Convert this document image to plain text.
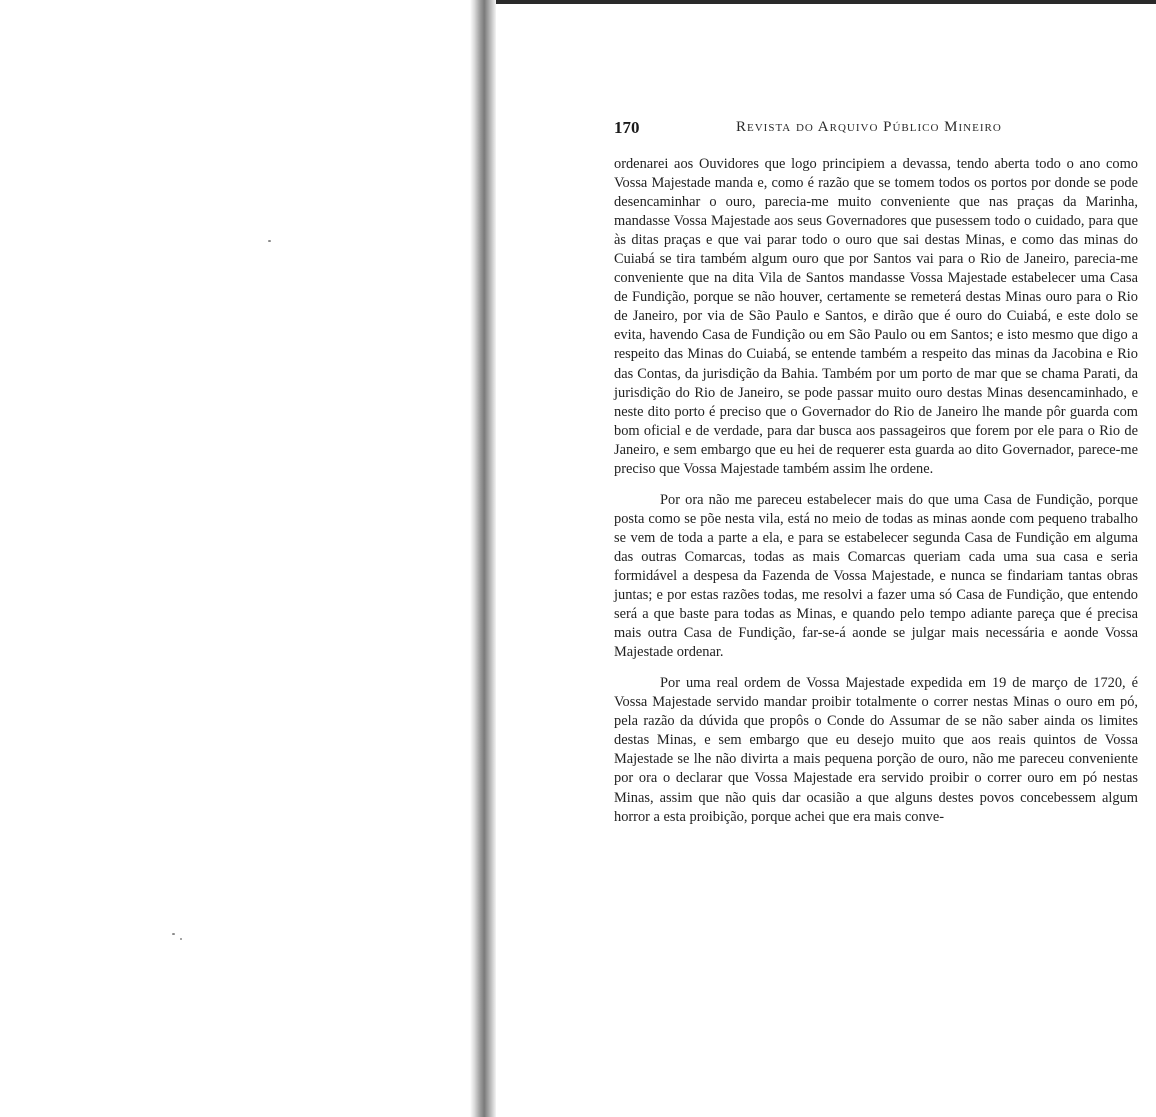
170	Revista do Arquivo Público Mineiro

ordenarei aos Ouvidores que logo principiem a devassa, tendo aberta todo o ano como Vossa Majestade manda e, como é razão que se tomem todos os portos por donde se pode desencaminhar o ouro, parecia-me muito conveniente que nas praças da Marinha, mandasse Vossa Majestade aos seus Governadores que pusessem todo o cuidado, para que às ditas praças e que vai parar todo o ouro que sai destas Minas, e como das minas do Cuiabá se tira também algum ouro que por Santos vai para o Rio de Janeiro, parecia-me conveniente que na dita Vila de Santos mandasse Vossa Majestade estabelecer uma Casa de Fundição, porque se não houver, certamente se remeterá destas Minas ouro para o Rio de Janeiro, por via de São Paulo e Santos, e dirão que é ouro do Cuiabá, e este dolo se evita, havendo Casa de Fundição ou em São Paulo ou em Santos; e isto mesmo que digo a respeito das Minas do Cuiabá, se entende também a respeito das minas da Jacobina e Rio das Contas, da jurisdição da Bahia. Também por um porto de mar que se chama Parati, da jurisdição do Rio de Janeiro, se pode passar muito ouro destas Minas desencaminhado, e neste dito porto é preciso que o Governador do Rio de Janeiro lhe mande pôr guarda com bom oficial e de verdade, para dar busca aos passageiros que forem por ele para o Rio de Janeiro, e sem embargo que eu hei de requerer esta guarda ao dito Governador, parece-me preciso que Vossa Majestade também assim lhe ordene.

Por ora não me pareceu estabelecer mais do que uma Casa de Fundição, porque posta como se põe nesta vila, está no meio de todas as minas aonde com pequeno trabalho se vem de toda a parte a ela, e para se estabelecer segunda Casa de Fundição em alguma das outras Comarcas, todas as mais Comarcas queriam cada uma sua casa e seria formidável a despesa da Fazenda de Vossa Majestade, e nunca se findariam tantas obras juntas; e por estas razões todas, me resolvi a fazer uma só Casa de Fundição, que entendo será a que baste para todas as Minas, e quando pelo tempo adiante pareça que é precisa mais outra Casa de Fundição, far-se-á aonde se julgar mais necessária e aonde Vossa Majestade ordenar.

Por uma real ordem de Vossa Majestade expedida em 19 de março de 1720, é Vossa Majestade servido mandar proibir totalmente o correr nestas Minas o ouro em pó, pela razão da dúvida que propôs o Conde do Assumar de se não saber ainda os limites destas Minas, e sem embargo que eu desejo muito que aos reais quintos de Vossa Majestade se lhe não divirta a mais pequena porção de ouro, não me pareceu conveniente por ora o declarar que Vossa Majestade era servido proibir o correr ouro em pó nestas Minas, assim que não quis dar ocasião a que alguns destes povos concebessem algum horror a esta proibição, porque achei que era mais conve-
